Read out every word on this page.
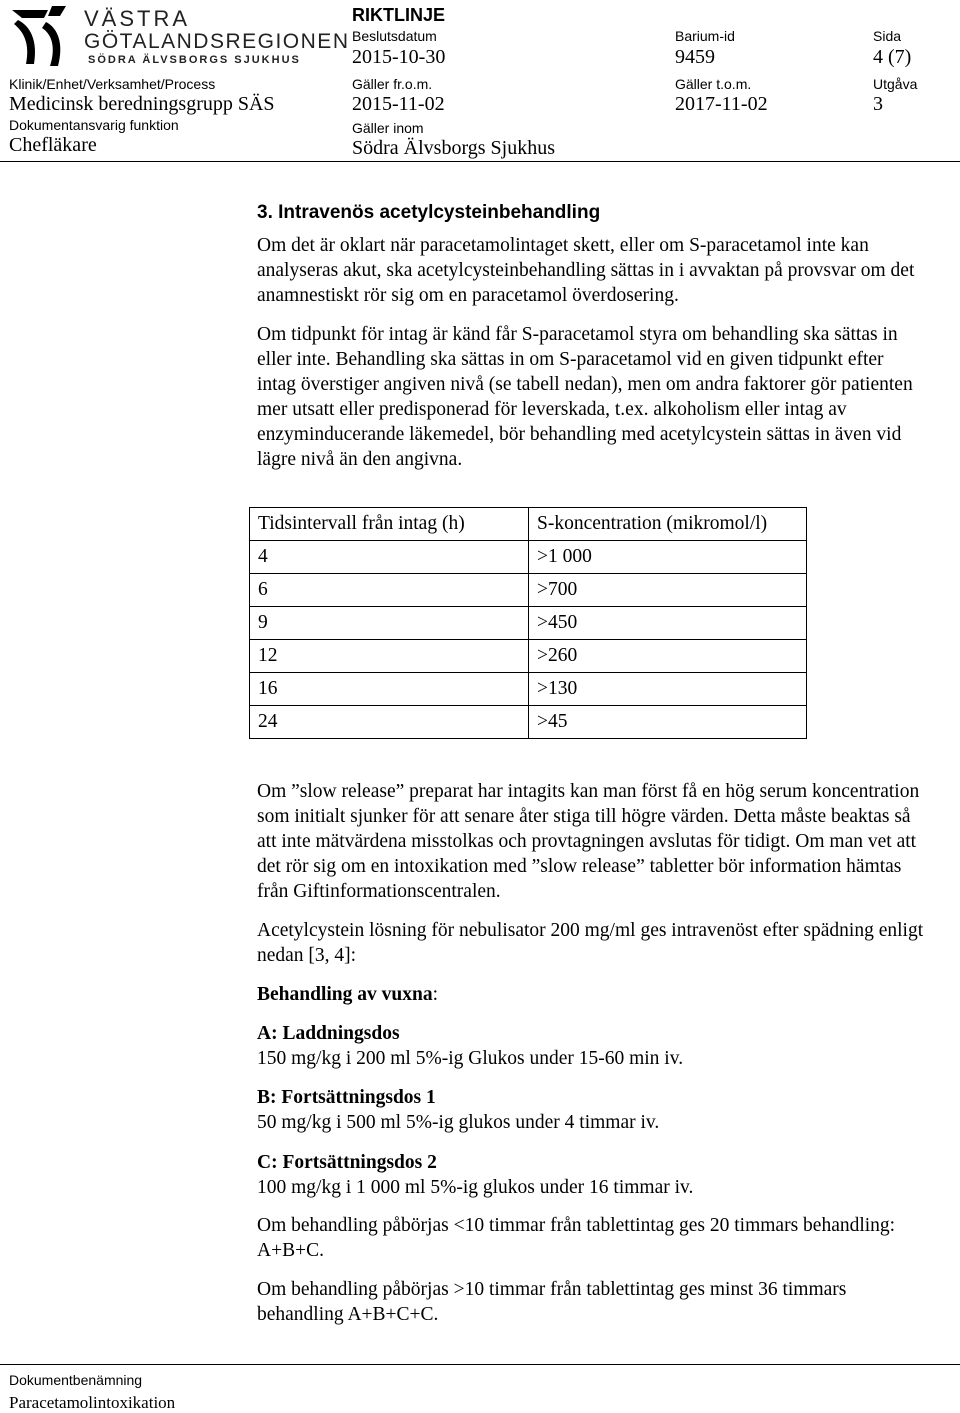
VÄSTRA
GÖTALANDSREGIONEN
SÖDRA ÄLVSBORGS SJUKHUS
RIKTLINJE
Beslutsdatum
2015-10-30
Barium-id
9459
Sida
4 (7)
Klinik/Enhet/Verksamhet/Process
Medicinsk beredningsgrupp SÄS
Gäller fr.o.m.
2015-11-02
Gäller t.o.m.
2017-11-02
Utgåva
3
Dokumentansvarig funktion
Chefläkare
Gäller inom
Södra Älvsborgs Sjukhus
3. Intravenös acetylcysteinbehandling

Om det är oklart när paracetamolintaget skett, eller om S-paracetamol inte kan analyseras akut, ska acetylcysteinbehandling sättas in i avvaktan på provsvar om det anamnestiskt rör sig om en paracetamol överdosering.

Om tidpunkt för intag är känd får S-paracetamol styra om behandling ska sättas in eller inte. Behandling ska sättas in om S-paracetamol vid en given tidpunkt efter intag överstiger angiven nivå (se tabell nedan), men om andra faktorer gör patienten mer utsatt eller predisponerad för leverskada, t.ex. alkoholism eller intag av enzyminducerande läkemedel, bör behandling med acetylcystein sättas in även vid lägre nivå än den angivna.

Tidsintervall från intag (h)	S-koncentration (mikromol/l)
4	>1 000
6	>700
9	>450
12	>260
16	>130
24	>45

Om ”slow release” preparat har intagits kan man först få en hög serum koncentration som initialt sjunker för att senare åter stiga till högre värden. Detta måste beaktas så att inte mätvärdena misstolkas och provtagningen avslutas för tidigt. Om man vet att det rör sig om en intoxikation med ”slow release” tabletter bör information hämtas från Giftinformationscentralen.

Acetylcystein lösning för nebulisator 200 mg/ml ges intravenöst efter spädning enligt nedan [3, 4]:

Behandling av vuxna:

A: Laddningsdos

150 mg/kg i 200 ml 5%-ig Glukos under 15-60 min iv.

B: Fortsättningsdos 1

50 mg/kg i 500 ml 5%-ig glukos under 4 timmar iv.

C: Fortsättningsdos 2

100 mg/kg i 1 000 ml 5%-ig glukos under 16 timmar iv.

Om behandling påbörjas <10 timmar från tablettintag ges 20 timmars behandling: A+B+C.

Om behandling påbörjas >10 timmar från tablettintag ges minst 36 timmars behandling A+B+C+C.

Dokumentbenämning
Paracetamolintoxikation
